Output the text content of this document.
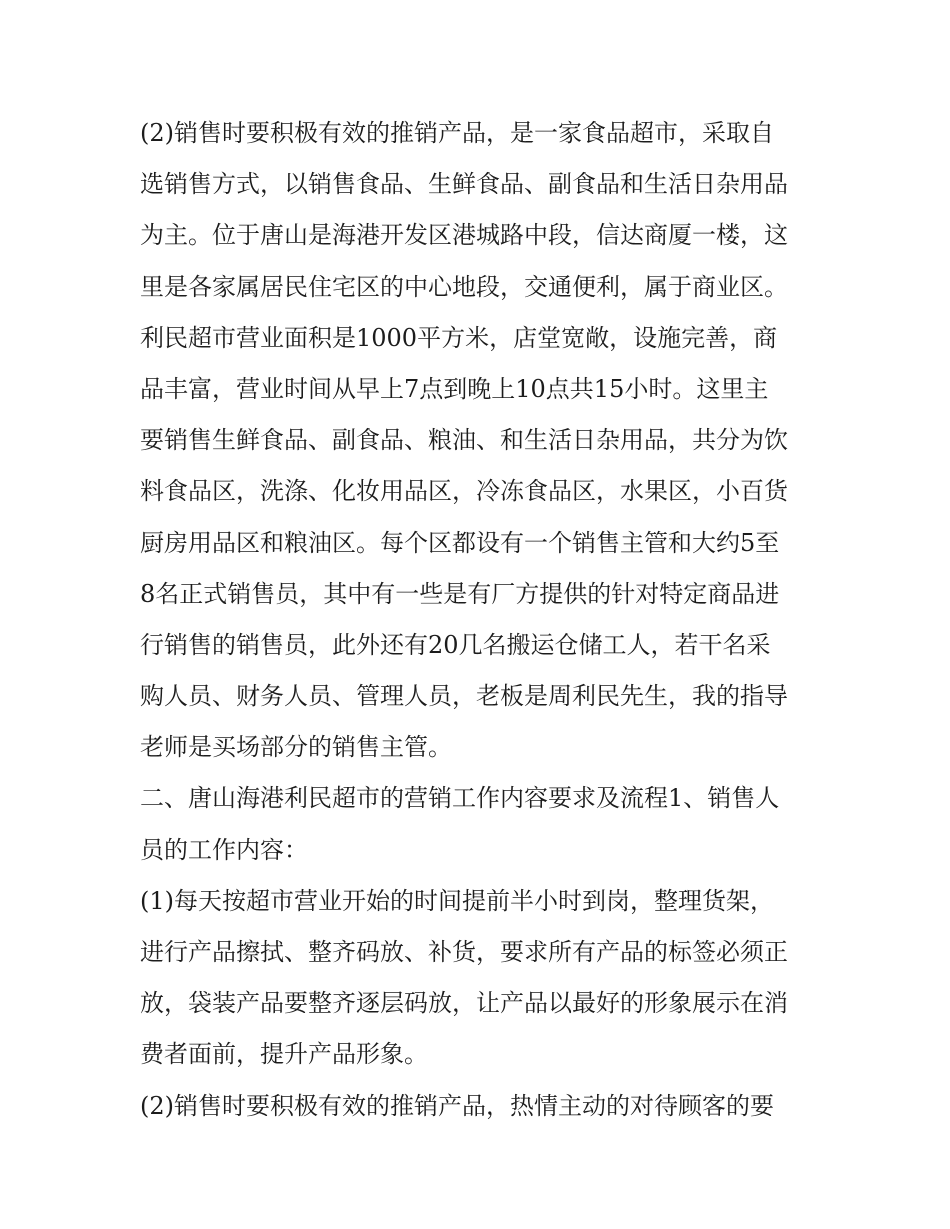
(2)销售时要积极有效的推销产品，是一家食品超市，采取自
选销售方式，以销售食品、生鲜食品、副食品和生活日杂用品
为主。位于唐山是海港开发区港城路中段，信达商厦一楼，这
里是各家属居民住宅区的中心地段，交通便利，属于商业区。
利民超市营业面积是1000平方米，店堂宽敞，设施完善，商
品丰富，营业时间从早上7点到晚上10点共15小时。这里主
要销售生鲜食品、副食品、粮油、和生活日杂用品，共分为饮
料食品区，洗涤、化妆用品区，冷冻食品区，水果区，小百货
厨房用品区和粮油区。每个区都设有一个销售主管和大约5至
8名正式销售员，其中有一些是有厂方提供的针对特定商品进
行销售的销售员，此外还有20几名搬运仓储工人，若干名采
购人员、财务人员、管理人员，老板是周利民先生，我的指导
老师是买场部分的销售主管。
二、唐山海港利民超市的营销工作内容要求及流程1、销售人
员的工作内容：
(1)每天按超市营业开始的时间提前半小时到岗，整理货架，
进行产品擦拭、整齐码放、补货，要求所有产品的标签必须正
放，袋装产品要整齐逐层码放，让产品以最好的形象展示在消
费者面前，提升产品形象。
(2)销售时要积极有效的推销产品，热情主动的对待顾客的要
